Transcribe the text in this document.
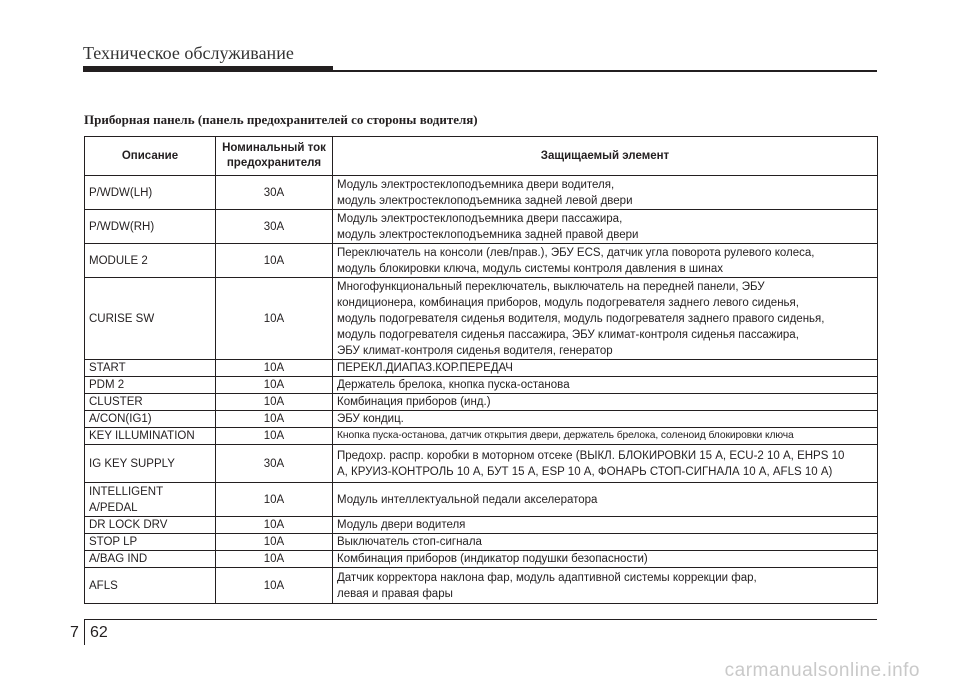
Техническое обслуживание
Приборная панель (панель предохранителей со стороны водителя)
Описание	Номинальный ток предохранителя	Защищаемый элемент
P/WDW(LH)	30A	Модуль электростеклоподъемника двери водителя,
модуль электростеклоподъемника задней левой двери
P/WDW(RH)	30A	Модуль электростеклоподъемника двери пассажира,
модуль электростеклоподъемника задней правой двери
MODULE 2	10A	Переключатель на консоли (лев/прав.), ЭБУ ECS, датчик угла поворота рулевого колеса,
модуль блокировки ключа, модуль системы контроля давления в шинах
CURISE SW	10A	Многофункциональный переключатель, выключатель на передней панели, ЭБУ
кондиционера, комбинация приборов, модуль подогревателя заднего левого сиденья,
модуль подогревателя сиденья водителя, модуль подогревателя заднего правого сиденья,
модуль подогревателя сиденья пассажира, ЭБУ климат-контроля сиденья пассажира,
ЭБУ климат-контроля сиденья водителя, генератор
START	10A	ПЕРЕКЛ.ДИАПАЗ.КОР.ПЕРЕДАЧ
PDM 2	10A	Держатель брелока, кнопка пуска-остановa
CLUSTER	10A	Комбинация приборов (инд.)
A/CON(IG1)	10A	ЭБУ кондиц.
KEY ILLUMINATION	10A	Кнопка пуска-остановa, датчик открытия двери, держатель брелока, соленоид блокировки ключа
IG KEY SUPPLY	30A	Предохр. распр. коробки в моторном отсеке (ВЫКЛ. БЛОКИРОВКИ 15 А, ECU-2 10 А, EHPS 10
А, КРУИЗ-КОНТРОЛЬ 10 А, БУТ 15 А, ESP 10 А, ФОНАРЬ СТОП-СИГНАЛА 10 А, AFLS 10 А)
INTELLIGENT
A/PEDAL	10A	Модуль интеллектуальной педали акселератора
DR LOCK DRV	10A	Модуль двери водителя
STOP LP	10A	Выключатель стоп-сигнала
A/BAG IND	10A	Комбинация приборов (индикатор подушки безопасности)
AFLS	10A	Датчик корректора наклона фар, модуль адаптивной системы коррекции фар,
левая и правая фары
7 62
carmanualsonline.info
